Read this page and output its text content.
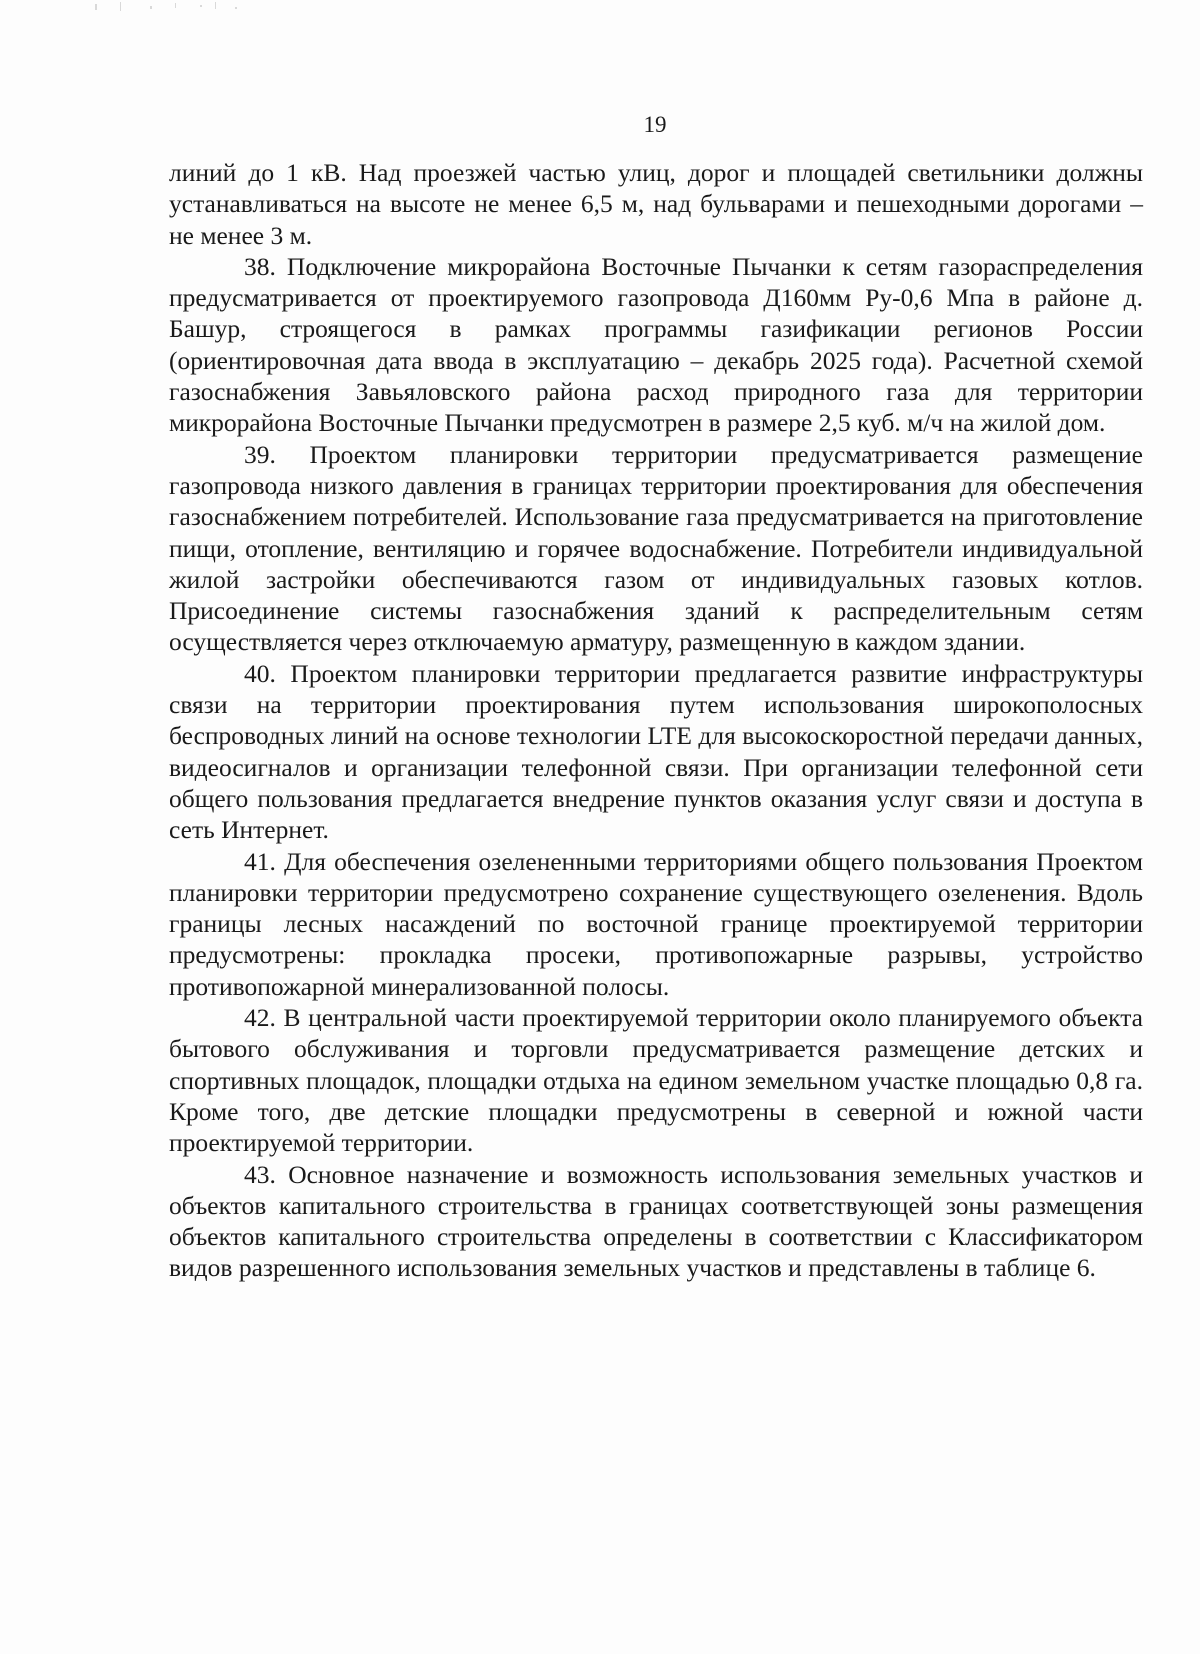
19

линий до 1 кВ. Над проезжей частью улиц, дорог и площадей светильники должны устанавливаться на высоте не менее 6,5 м, над бульварами и пешеходными дорогами – не менее 3 м.

38. Подключение микрорайона Восточные Пычанки к сетям газораспределения предусматривается от проектируемого газопровода Д160мм Ру-0,6 Мпа в районе д. Башур, строящегося в рамках программы газификации регионов России (ориентировочная дата ввода в эксплуатацию – декабрь 2025 года). Расчетной схемой газоснабжения Завьяловского района расход природного газа для территории микрорайона Восточные Пычанки предусмотрен в размере 2,5 куб. м/ч на жилой дом.

39. Проектом планировки территории предусматривается размещение газопровода низкого давления в границах территории проектирования для обеспечения газоснабжением потребителей. Использование газа предусматривается на приготовление пищи, отопление, вентиляцию и горячее водоснабжение. Потребители индивидуальной жилой застройки обеспечиваются газом от индивидуальных газовых котлов. Присоединение системы газоснабжения зданий к распределительным сетям осуществляется через отключаемую арматуру, размещенную в каждом здании.

40. Проектом планировки территории предлагается развитие инфраструктуры связи на территории проектирования путем использования широкополосных беспроводных линий на основе технологии LTE для высокоскоростной передачи данных, видеосигналов и организации телефонной связи. При организации телефонной сети общего пользования предлагается внедрение пунктов оказания услуг связи и доступа в сеть Интернет.

41. Для обеспечения озелененными территориями общего пользования Проектом планировки территории предусмотрено сохранение существующего озеленения. Вдоль границы лесных насаждений по восточной границе проектируемой территории предусмотрены: прокладка просеки, противопожарные разрывы, устройство противопожарной минерализованной полосы.

42. В центральной части проектируемой территории около планируемого объекта бытового обслуживания и торговли предусматривается размещение детских и спортивных площадок, площадки отдыха на едином земельном участке площадью 0,8 га. Кроме того, две детские площадки предусмотрены в северной и южной части проектируемой территории.

43. Основное назначение и возможность использования земельных участков и объектов капитального строительства в границах соответствующей зоны размещения объектов капитального строительства определены в соответствии с Классификатором видов разрешенного использования земельных участков и представлены в таблице 6.
